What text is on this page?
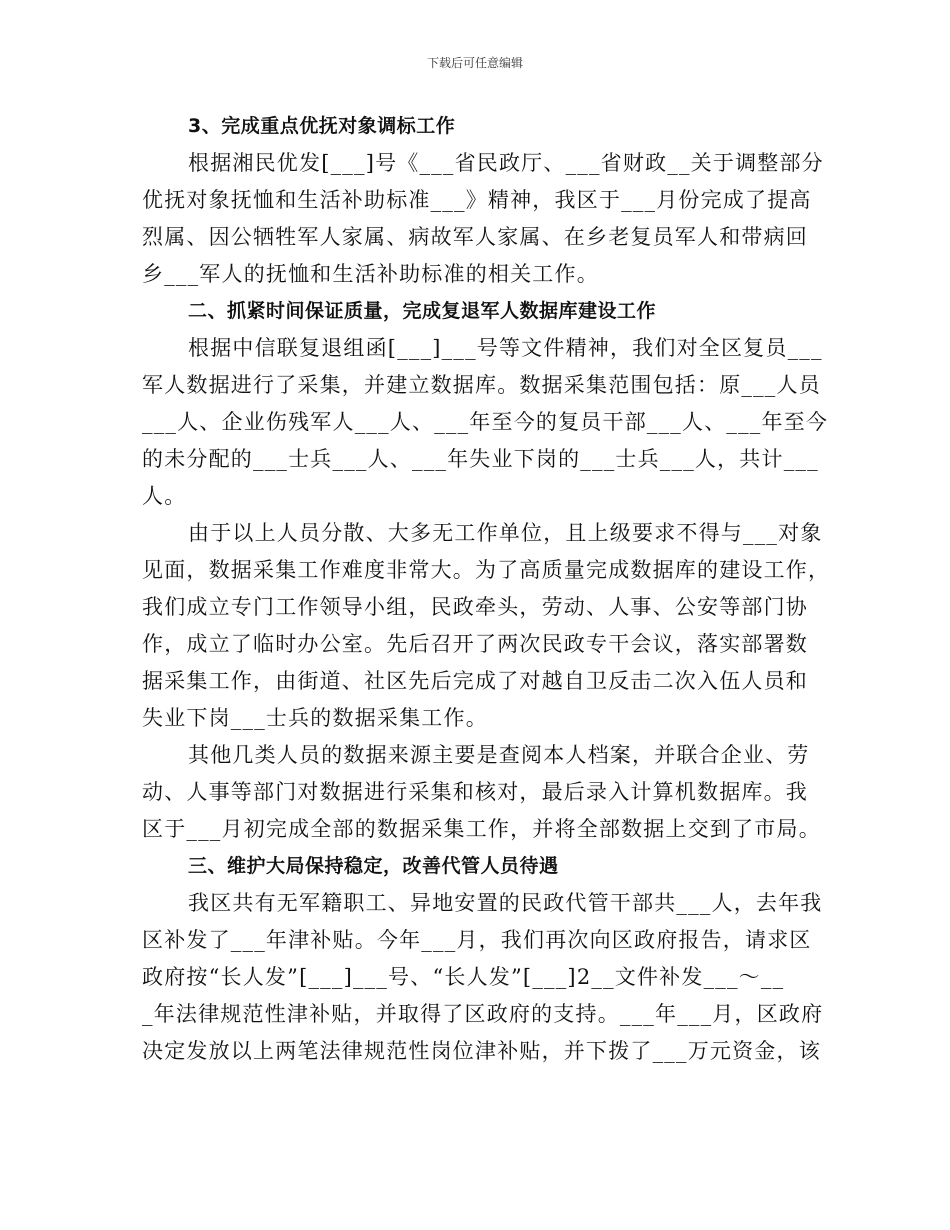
下载后可任意编辑
3、完成重点优抚对象调标工作
根据湘民优发[___]号《___省民政厅、___省财政__关于调整部分
优抚对象抚恤和生活补助标准___》精神，我区于___月份完成了提高
烈属、因公牺牲军人家属、病故军人家属、在乡老复员军人和带病回
乡___军人的抚恤和生活补助标准的相关工作。
二、抓紧时间保证质量，完成复退军人数据库建设工作
根据中信联复退组函[___]___号等文件精神，我们对全区复员___
军人数据进行了采集，并建立数据库。数据采集范围包括：原___人员
___人、企业伤残军人___人、___年至今的复员干部___人、___年至今
的未分配的___士兵___人、___年失业下岗的___士兵___人，共计___
人。
由于以上人员分散、大多无工作单位，且上级要求不得与___对象
见面，数据采集工作难度非常大。为了高质量完成数据库的建设工作，
我们成立专门工作领导小组，民政牵头，劳动、人事、公安等部门协
作，成立了临时办公室。先后召开了两次民政专干会议，落实部署数
据采集工作，由街道、社区先后完成了对越自卫反击二次入伍人员和
失业下岗___士兵的数据采集工作。
其他几类人员的数据来源主要是查阅本人档案，并联合企业、劳
动、人事等部门对数据进行采集和核对，最后录入计算机数据库。我
区于___月初完成全部的数据采集工作，并将全部数据上交到了市局。
三、维护大局保持稳定，改善代管人员待遇
我区共有无军籍职工、异地安置的民政代管干部共___人，去年我
区补发了___年津补贴。今年___月，我们再次向区政府报告，请求区
政府按“长人发”[___]___号、“长人发”[___]2__文件补发___～__
_年法律规范性津补贴，并取得了区政府的支持。___年___月，区政府
决定发放以上两笔法律规范性岗位津补贴，并下拨了___万元资金，该
